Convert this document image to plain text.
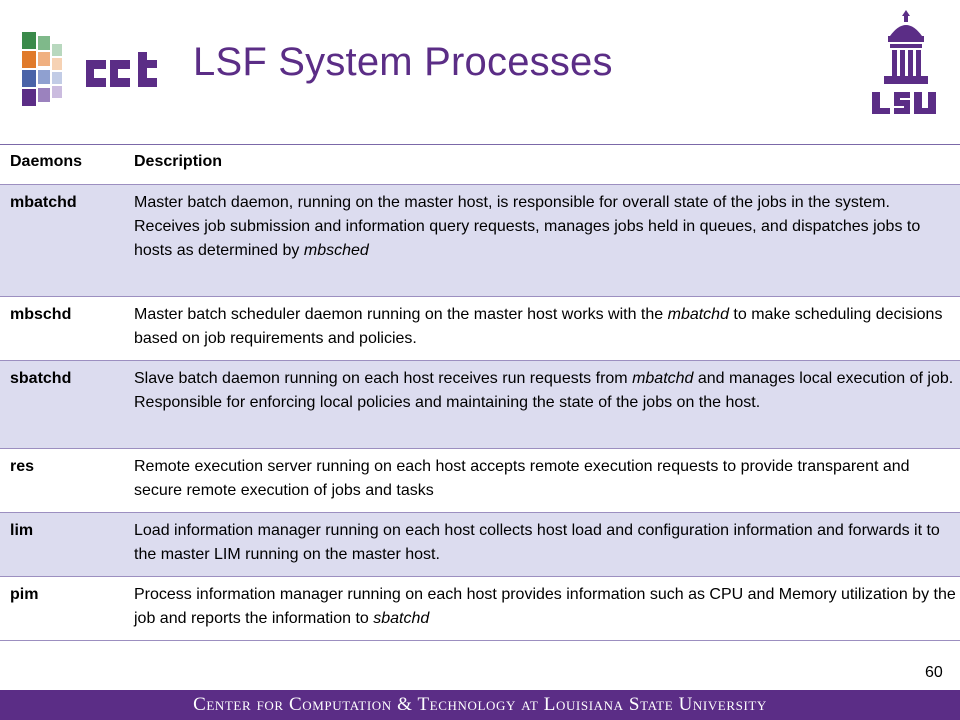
LSF System Processes
Daemons	Description
mbatchd	Master batch daemon, running on the master host, is responsible for overall state of the jobs in the system. Receives job submission and information query requests, manages jobs held in queues, and dispatches jobs to hosts as determined by mbsched
mbschd	Master batch scheduler daemon running on the master host works with the mbatchd to make scheduling decisions based on job requirements and policies.
sbatchd	Slave batch daemon running on each host receives run requests from mbatchd and manages local execution of job. Responsible for enforcing local policies and maintaining the state of the jobs on the host.
res	Remote execution server running on each host accepts remote execution requests to provide transparent and secure remote execution of jobs and tasks
lim	Load information manager running on each host collects host load and configuration information and forwards it to the master LIM running on the master host.
pim	Process information manager running on each host provides information such as CPU and Memory utilization by the job and reports the information to sbatchd
60
Center for Computation & Technology at Louisiana State University
